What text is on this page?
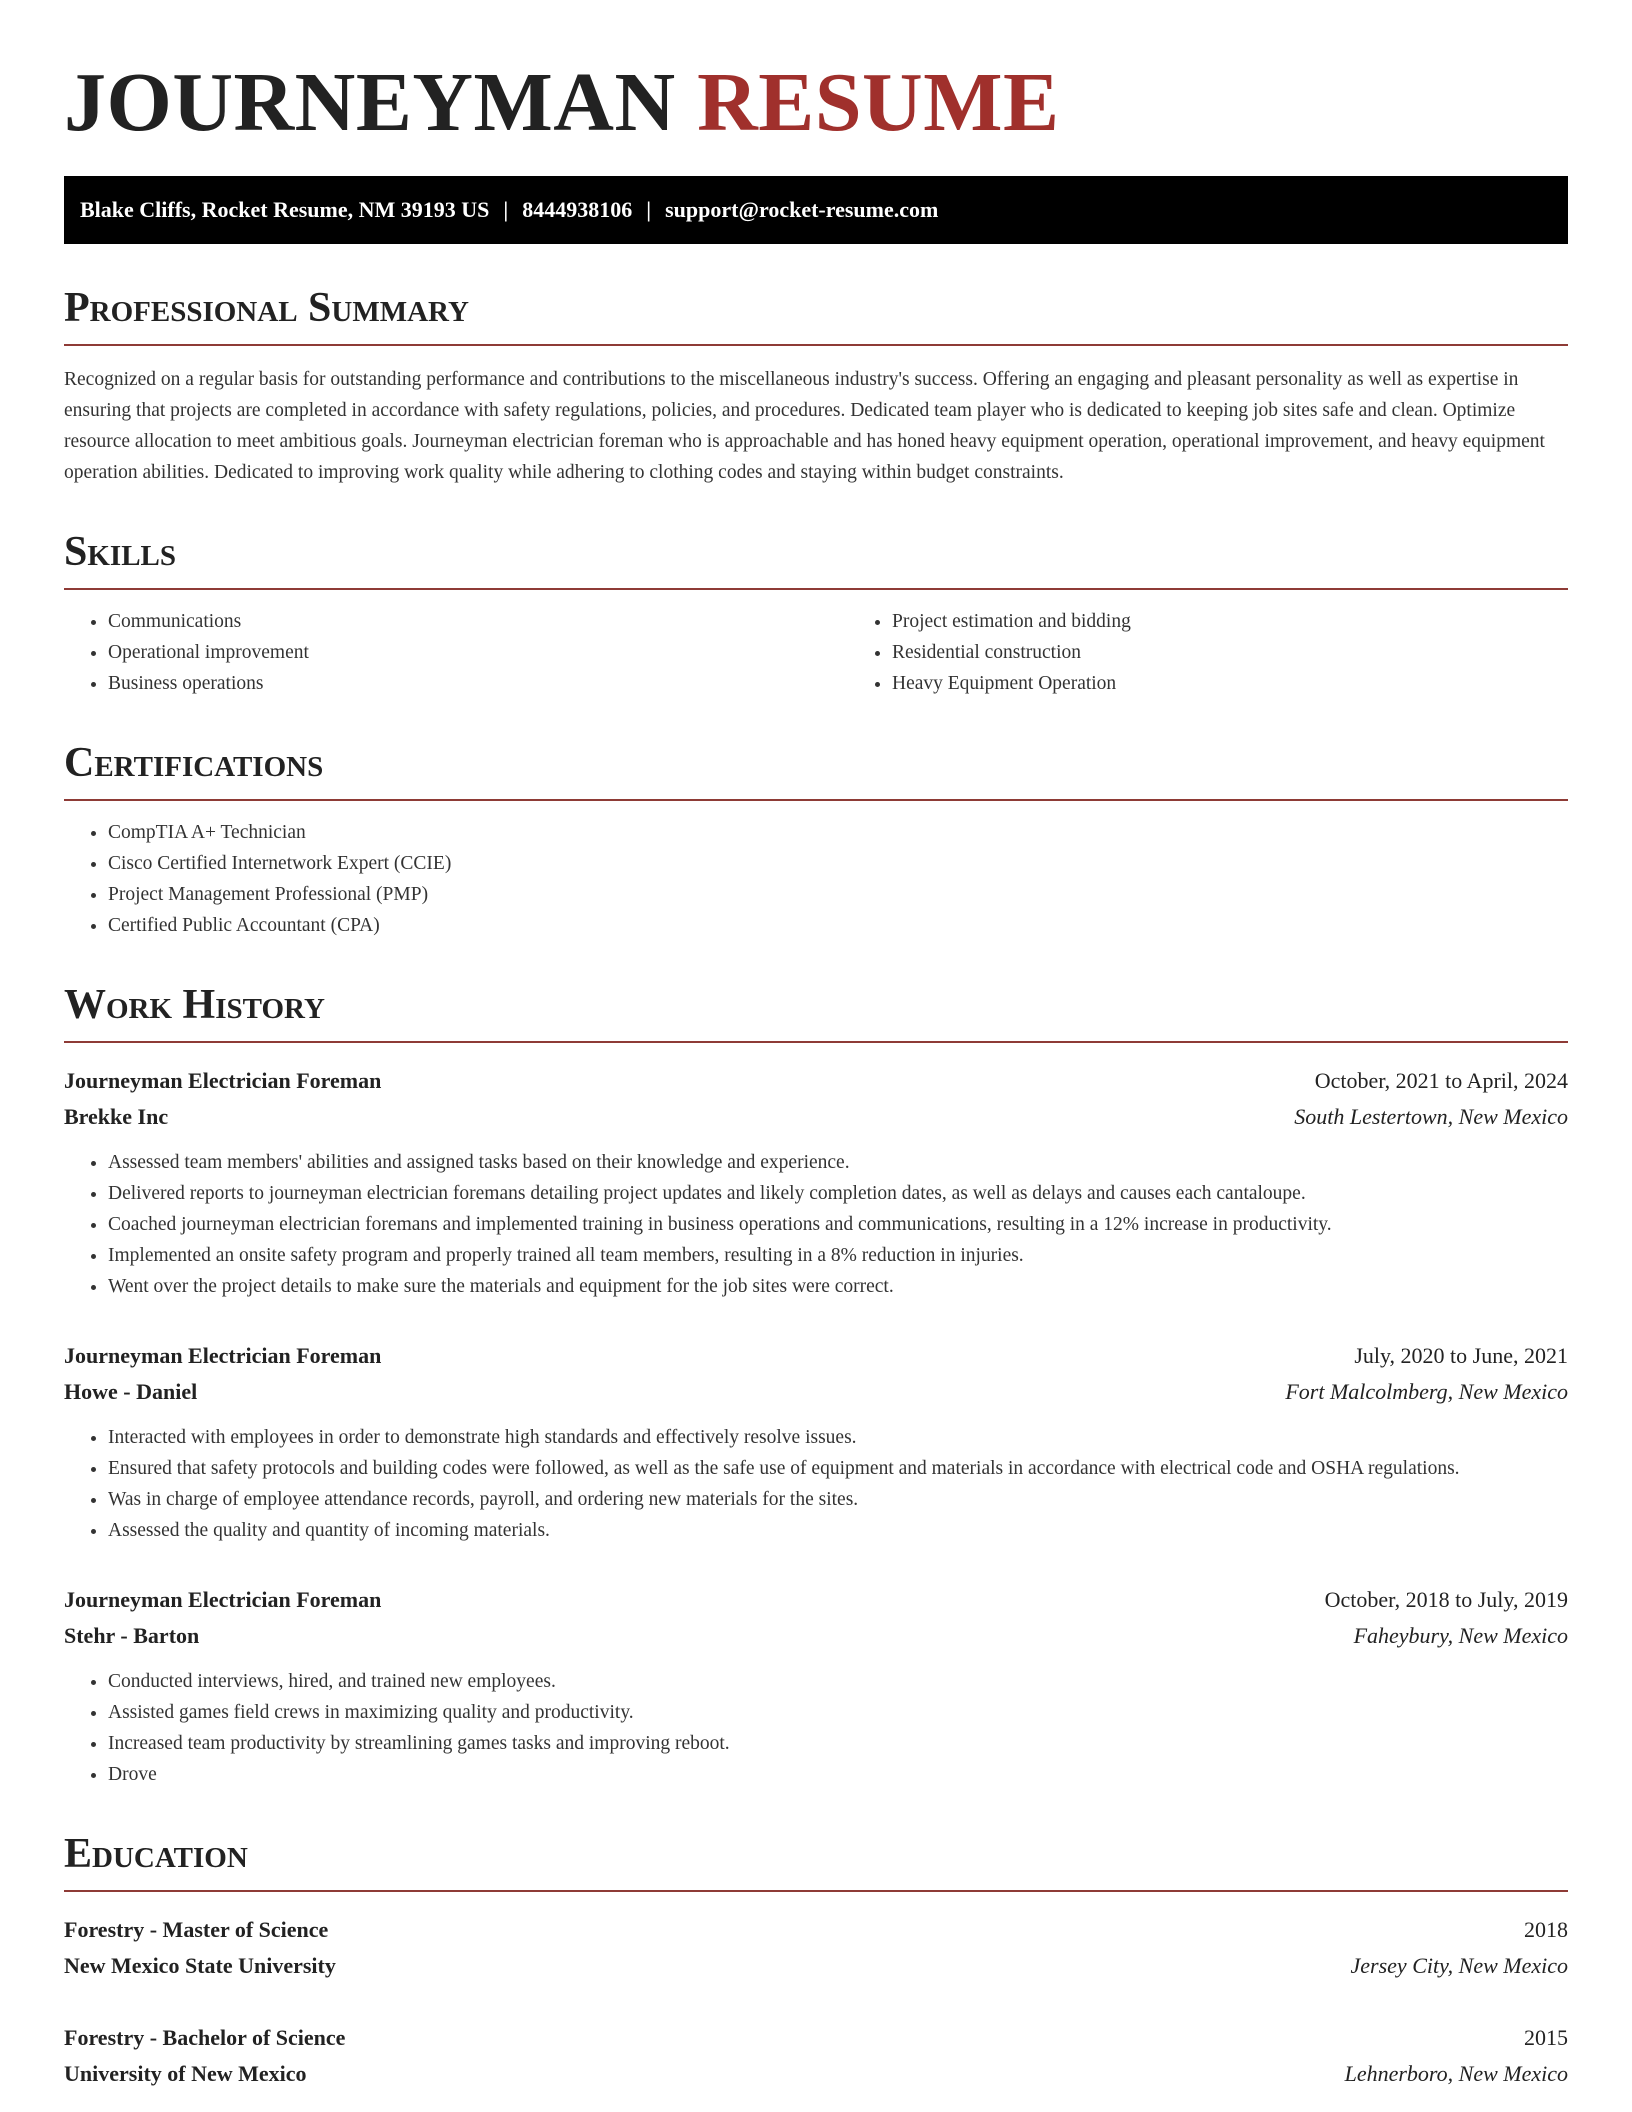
JOURNEYMAN RESUME
Blake Cliffs, Rocket Resume, NM 39193 US | 8444938106 | support@rocket-resume.com
Professional Summary

Recognized on a regular basis for outstanding performance and contributions to the miscellaneous industry's success. Offering an engaging and pleasant personality as well as expertise in ensuring that projects are completed in accordance with safety regulations, policies, and procedures. Dedicated team player who is dedicated to keeping job sites safe and clean. Optimize resource allocation to meet ambitious goals. Journeyman electrician foreman who is approachable and has honed heavy equipment operation, operational improvement, and heavy equipment operation abilities. Dedicated to improving work quality while adhering to clothing codes and staying within budget constraints.

Skills
• Communications
• Operational improvement
• Business operations
• Project estimation and bidding
• Residential construction
• Heavy Equipment Operation
Certifications
• CompTIA A+ Technician
• Cisco Certified Internetwork Expert (CCIE)
• Project Management Professional (PMP)
• Certified Public Accountant (CPA)
Work History
Journeyman Electrician Foreman	October, 2021 to April, 2024
Brekke Inc	South Lestertown, New Mexico
• Assessed team members' abilities and assigned tasks based on their knowledge and experience.
• Delivered reports to journeyman electrician foremans detailing project updates and likely completion dates, as well as delays and causes each cantaloupe.
• Coached journeyman electrician foremans and implemented training in business operations and communications, resulting in a 12% increase in productivity.
• Implemented an onsite safety program and properly trained all team members, resulting in a 8% reduction in injuries.
• Went over the project details to make sure the materials and equipment for the job sites were correct.
Journeyman Electrician Foreman	July, 2020 to June, 2021
Howe - Daniel	Fort Malcolmberg, New Mexico
• Interacted with employees in order to demonstrate high standards and effectively resolve issues.
• Ensured that safety protocols and building codes were followed, as well as the safe use of equipment and materials in accordance with electrical code and OSHA regulations.
• Was in charge of employee attendance records, payroll, and ordering new materials for the sites.
• Assessed the quality and quantity of incoming materials.
Journeyman Electrician Foreman	October, 2018 to July, 2019
Stehr - Barton	Faheybury, New Mexico
• Conducted interviews, hired, and trained new employees.
• Assisted games field crews in maximizing quality and productivity.
• Increased team productivity by streamlining games tasks and improving reboot.
• Drove
Education
Forestry - Master of Science	2018
New Mexico State University	Jersey City, New Mexico
Forestry - Bachelor of Science	2015
University of New Mexico	Lehnerboro, New Mexico
